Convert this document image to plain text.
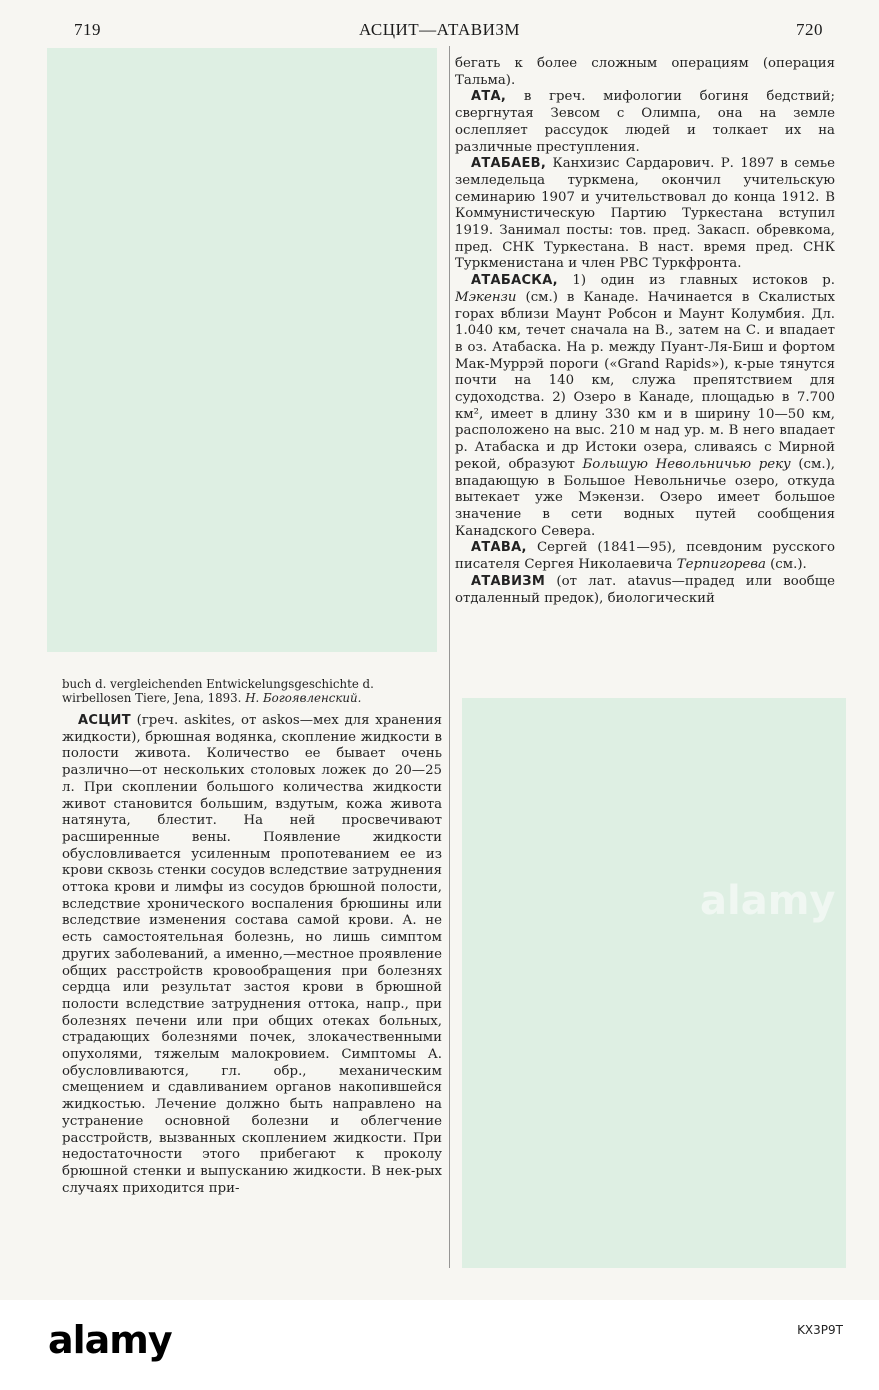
719	АСЦИТ—АТАВИЗМ	720
alamy

buch d. vergleichenden Entwickelungsgeschichte d.

wirbellosen Tiere, Jena, 1893. Н. Богоявленский.

АСЦИТ (греч. askites, от askos—мех для хранения жидкости), брюшная водянка, скопление жидкости в полости живота. Количество ее бывает очень различно—от нескольких столовых ложек до 20—25 л. При скоплении большого количества жидкости живот становится большим, вздутым, кожа живота натянута, блестит. На ней просвечивают расширенные вены. Появление жидкости обусловливается усиленным пропотеванием ее из крови сквозь стенки сосудов вследствие затруднения оттока крови и лимфы из сосудов брюшной полости, вследствие хронического воспаления брюшины или вследствие изменения состава самой крови. А. не есть самостоятельная болезнь, но лишь симптом других заболеваний, а именно,—местное проявление общих расстройств кровообращения при болезнях сердца или результат застоя крови в брюшной полости вследствие затруднения оттока, напр., при болезнях печени или при общих отеках больных, страдающих болезнями почек, злокачественными опухолями, тяжелым малокровием. Симптомы А. обусловливаются, гл. обр., механическим смещением и сдавливанием органов накопившейся жидкостью. Лечение должно быть направлено на устранение основной болезни и облегчение расстройств, вызванных скоплением жидкости. При недостаточности этого прибегают к проколу брюшной стенки и выпусканию жидкости. В нек-рых случаях приходится при-

бегать к более сложным операциям (операция Тальма).

АТА, в греч. мифологии богиня бедствий; свергнутая Зевсом с Олимпа, она на земле ослепляет рассудок людей и толкает их на различные преступления.

АТАБАЕВ, Канхизис Сардарович. Р. 1897 в семье земледельца туркмена, окончил учительскую семинарию 1907 и учительствовал до конца 1912. В Коммунистическую Партию Туркестана вступил 1919. Занимал посты: тов. пред. Закасп. обревкома, пред. СНК Туркестана. В наст. время пред. СНК Туркменистана и член РВС Туркфронта.

АТАБАСКА, 1) один из главных истоков р. Мэкензи (см.) в Канаде. Начинается в Скалистых горах вблизи Маунт Робсон и Маунт Колумбия. Дл. 1.040 км, течет сначала на В., затем на С. и впадает в оз. Атабаска. На р. между Пуант-Ля-Биш и фортом Мак-Муррэй пороги («Grand Rapids»), к-рые тянутся почти на 140 км, служа препятствием для судоходства. 2) Озеро в Канаде, площадью в 7.700 км², имеет в длину 330 км и в ширину 10—50 км, расположено на выс. 210 м над ур. м. В него впадает р. Атабаска и др Истоки озера, сливаясь с Мирной рекой, образуют Большую Невольничью реку (см.), впадающую в Большое Невольничье озеро, откуда вытекает уже Мэкензи. Озеро имеет большое значение в сети водных путей сообщения Канадского Севера.

АТАВА, Сергей (1841—95), псевдоним русского писателя Сергея Николаевича Терпигорева (см.).

АТАВИЗМ (от лат. atavus—прадед или вообще отдаленный предок), биологический

alamy	KX3P9T
